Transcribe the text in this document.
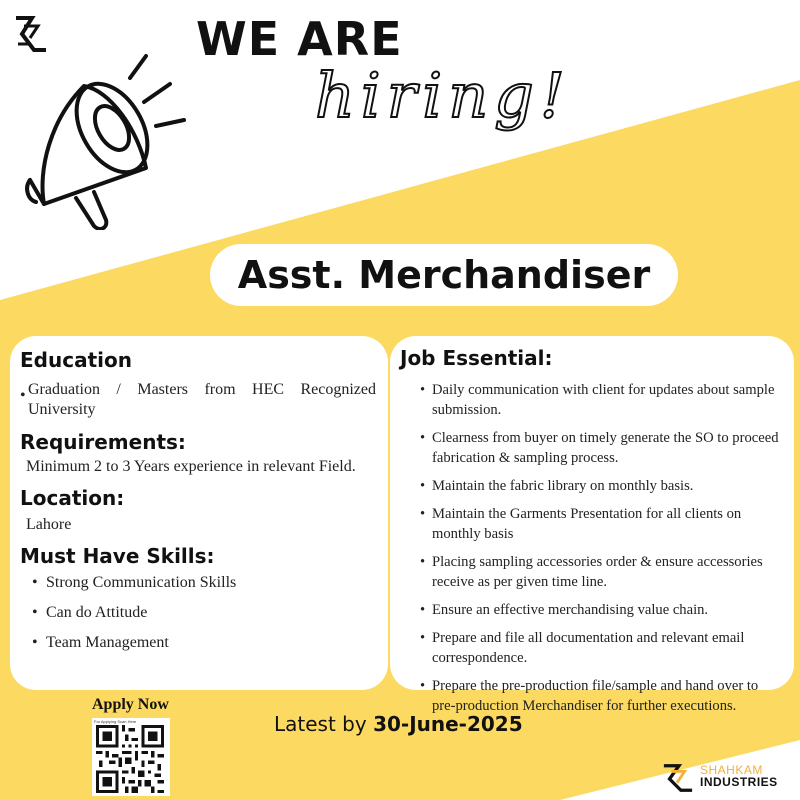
WE ARE
hiring!
Asst. Merchandiser
Education
• Graduation / Masters from HEC Recognized University
Requirements:
Minimum 2 to 3 Years experience in relevant Field.
Location:
Lahore
Must Have Skills:
• Strong Communication Skills
• Can do Attitude
• Team Management
Job Essential:
• Daily communication with client for updates about sample submission.
• Clearness from buyer on timely generate the SO to proceed fabrication & sampling process.
• Maintain the fabric library on monthly basis.
• Maintain the Garments Presentation for all clients on monthly basis
• Placing sampling accessories order & ensure accessories receive as per given time line.
• Ensure an effective merchandising value chain.
• Prepare and file all documentation and relevant email correspondence.
• Prepare the pre-production file/sample and hand over to pre-production Merchandiser for further executions.
Apply Now
For Applying Scan Here	Latest by 30-June-2025
SHAHKAM
INDUSTRIES
